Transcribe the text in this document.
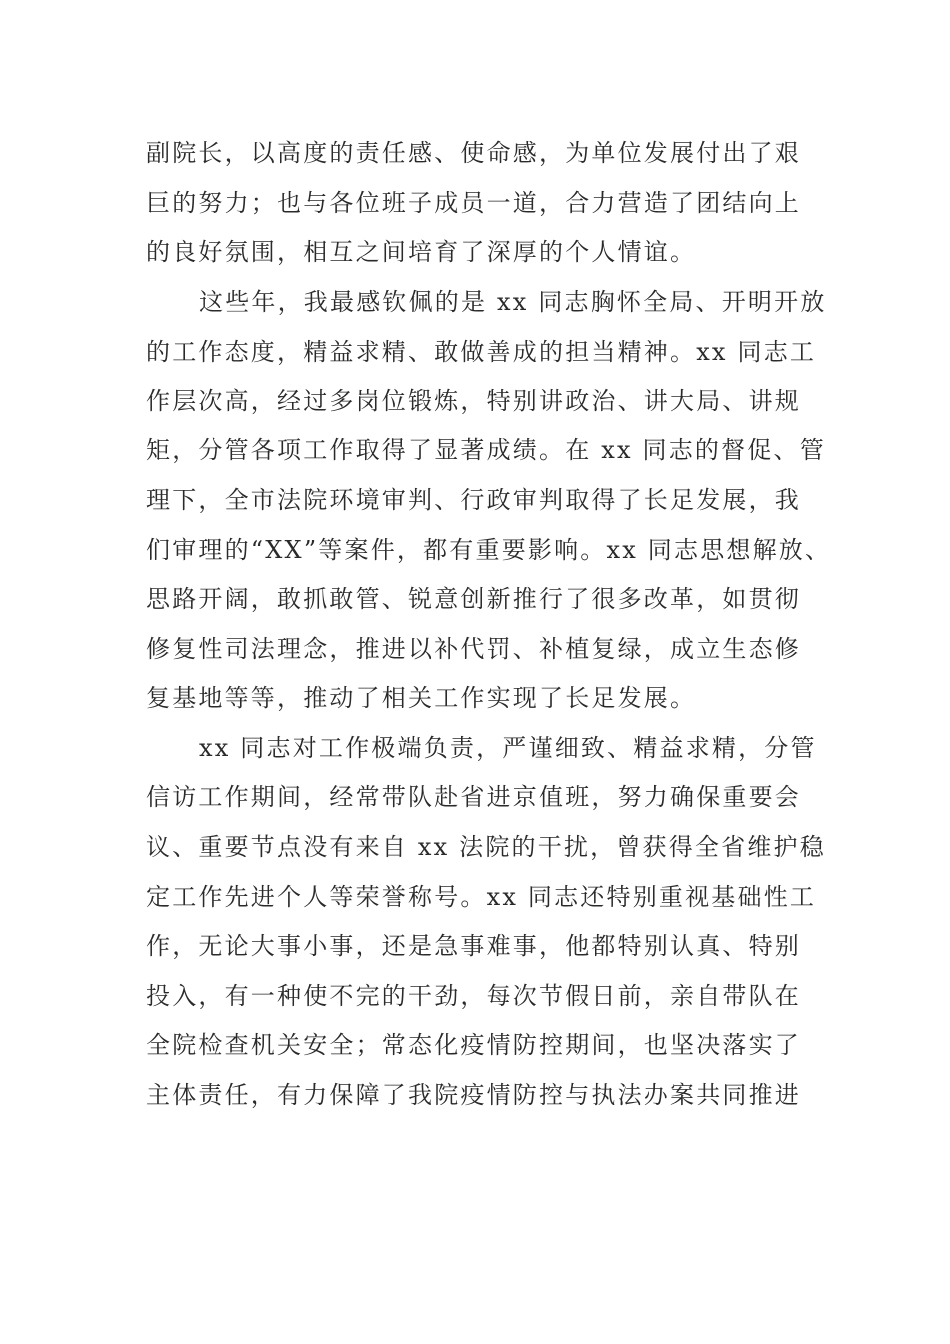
副院长，以高度的责任感、使命感，为单位发展付出了艰
巨的努力；也与各位班子成员一道，合力营造了团结向上
的良好氛围，相互之间培育了深厚的个人情谊。
这些年，我最感钦佩的是 xx 同志胸怀全局、开明开放
的工作态度，精益求精、敢做善成的担当精神。xx 同志工
作层次高，经过多岗位锻炼，特别讲政治、讲大局、讲规
矩，分管各项工作取得了显著成绩。在 xx 同志的督促、管
理下，全市法院环境审判、行政审判取得了长足发展，我
们审理的“XX”等案件，都有重要影响。xx 同志思想解放、
思路开阔，敢抓敢管、锐意创新推行了很多改革，如贯彻
修复性司法理念，推进以补代罚、补植复绿，成立生态修
复基地等等，推动了相关工作实现了长足发展。
xx 同志对工作极端负责，严谨细致、精益求精，分管
信访工作期间，经常带队赴省进京值班，努力确保重要会
议、重要节点没有来自 xx 法院的干扰，曾获得全省维护稳
定工作先进个人等荣誉称号。xx 同志还特别重视基础性工
作，无论大事小事，还是急事难事，他都特别认真、特别
投入，有一种使不完的干劲，每次节假日前，亲自带队在
全院检查机关安全；常态化疫情防控期间，也坚决落实了
主体责任，有力保障了我院疫情防控与执法办案共同推进
